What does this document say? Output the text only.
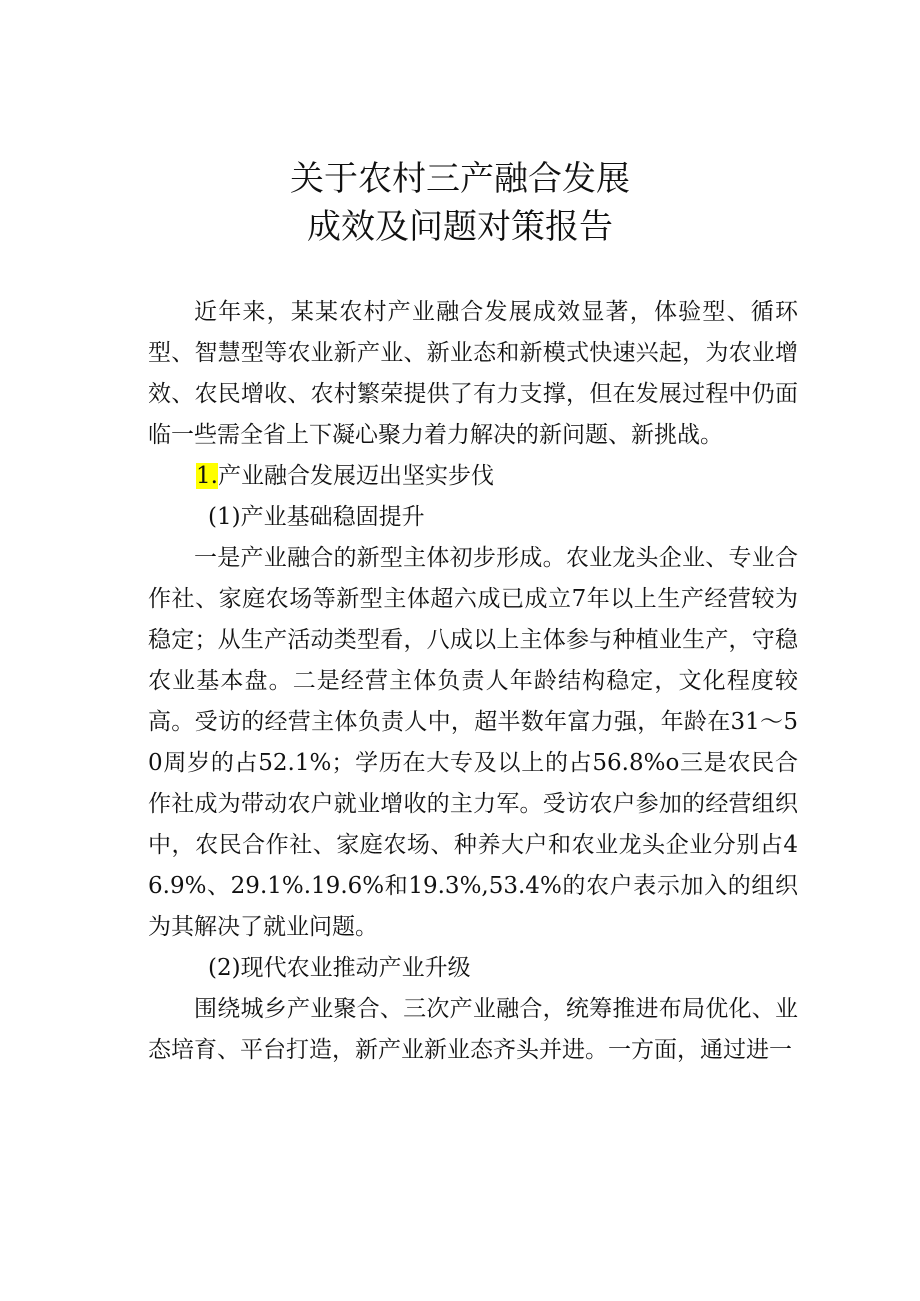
关于农村三产融合发展
成效及问题对策报告

近年来，某某农村产业融合发展成效显著，体验型、循环型、智慧型等农业新产业、新业态和新模式快速兴起，为农业增效、农民增收、农村繁荣提供了有力支撑，但在发展过程中仍面临一些需全省上下凝心聚力着力解决的新问题、新挑战。

1.产业融合发展迈出坚实步伐

(1)产业基础稳固提升

一是产业融合的新型主体初步形成。农业龙头企业、专业合作社、家庭农场等新型主体超六成已成立7年以上生产经营较为稳定；从生产活动类型看，八成以上主体参与种植业生产，守稳农业基本盘。二是经营主体负责人年龄结构稳定，文化程度较高。受访的经营主体负责人中，超半数年富力强，年龄在31～50周岁的占52.1%；学历在大专及以上的占56.8%o三是农民合作社成为带动农户就业增收的主力军。受访农户参加的经营组织中，农民合作社、家庭农场、种养大户和农业龙头企业分别占46.9%、29.1%.19.6%和19.3%,53.4%的农户表示加入的组织为其解决了就业问题。

(2)现代农业推动产业升级

围绕城乡产业聚合、三次产业融合，统筹推进布局优化、业态培育、平台打造，新产业新业态齐头并进。一方面，通过进一
